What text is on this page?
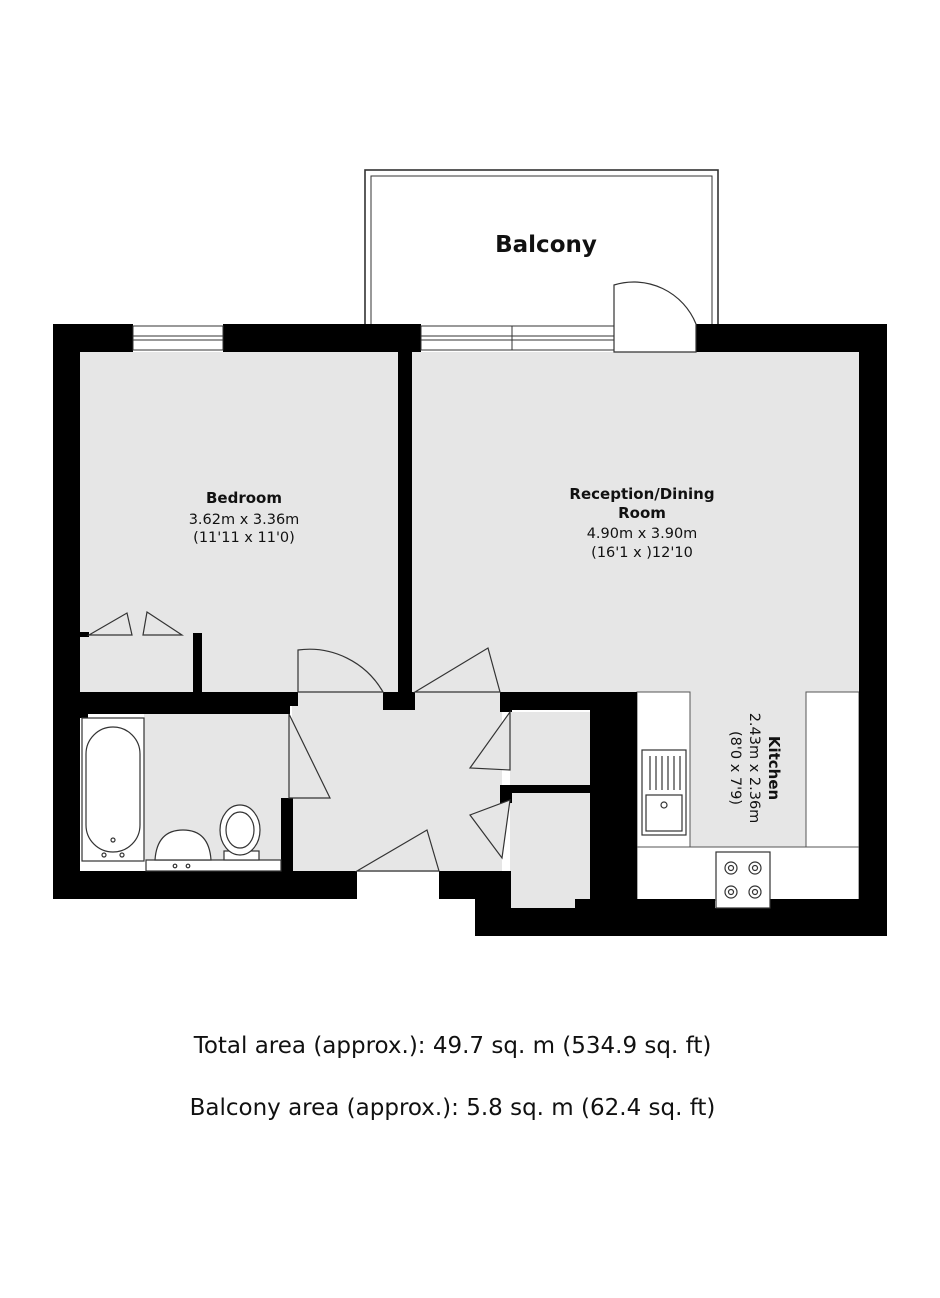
Balcony
Bedroom
3.62m x 3.36m
(11'11 x 11'0)
Reception/Dining
Room
4.90m x 3.90m
(16'1 x )12'10
Kitchen
2.43m x 2.36m
(8'0 x 7'9)
Total area (approx.): 49.7 sq. m (534.9 sq. ft)
Balcony area (approx.): 5.8 sq. m (62.4 sq. ft)
